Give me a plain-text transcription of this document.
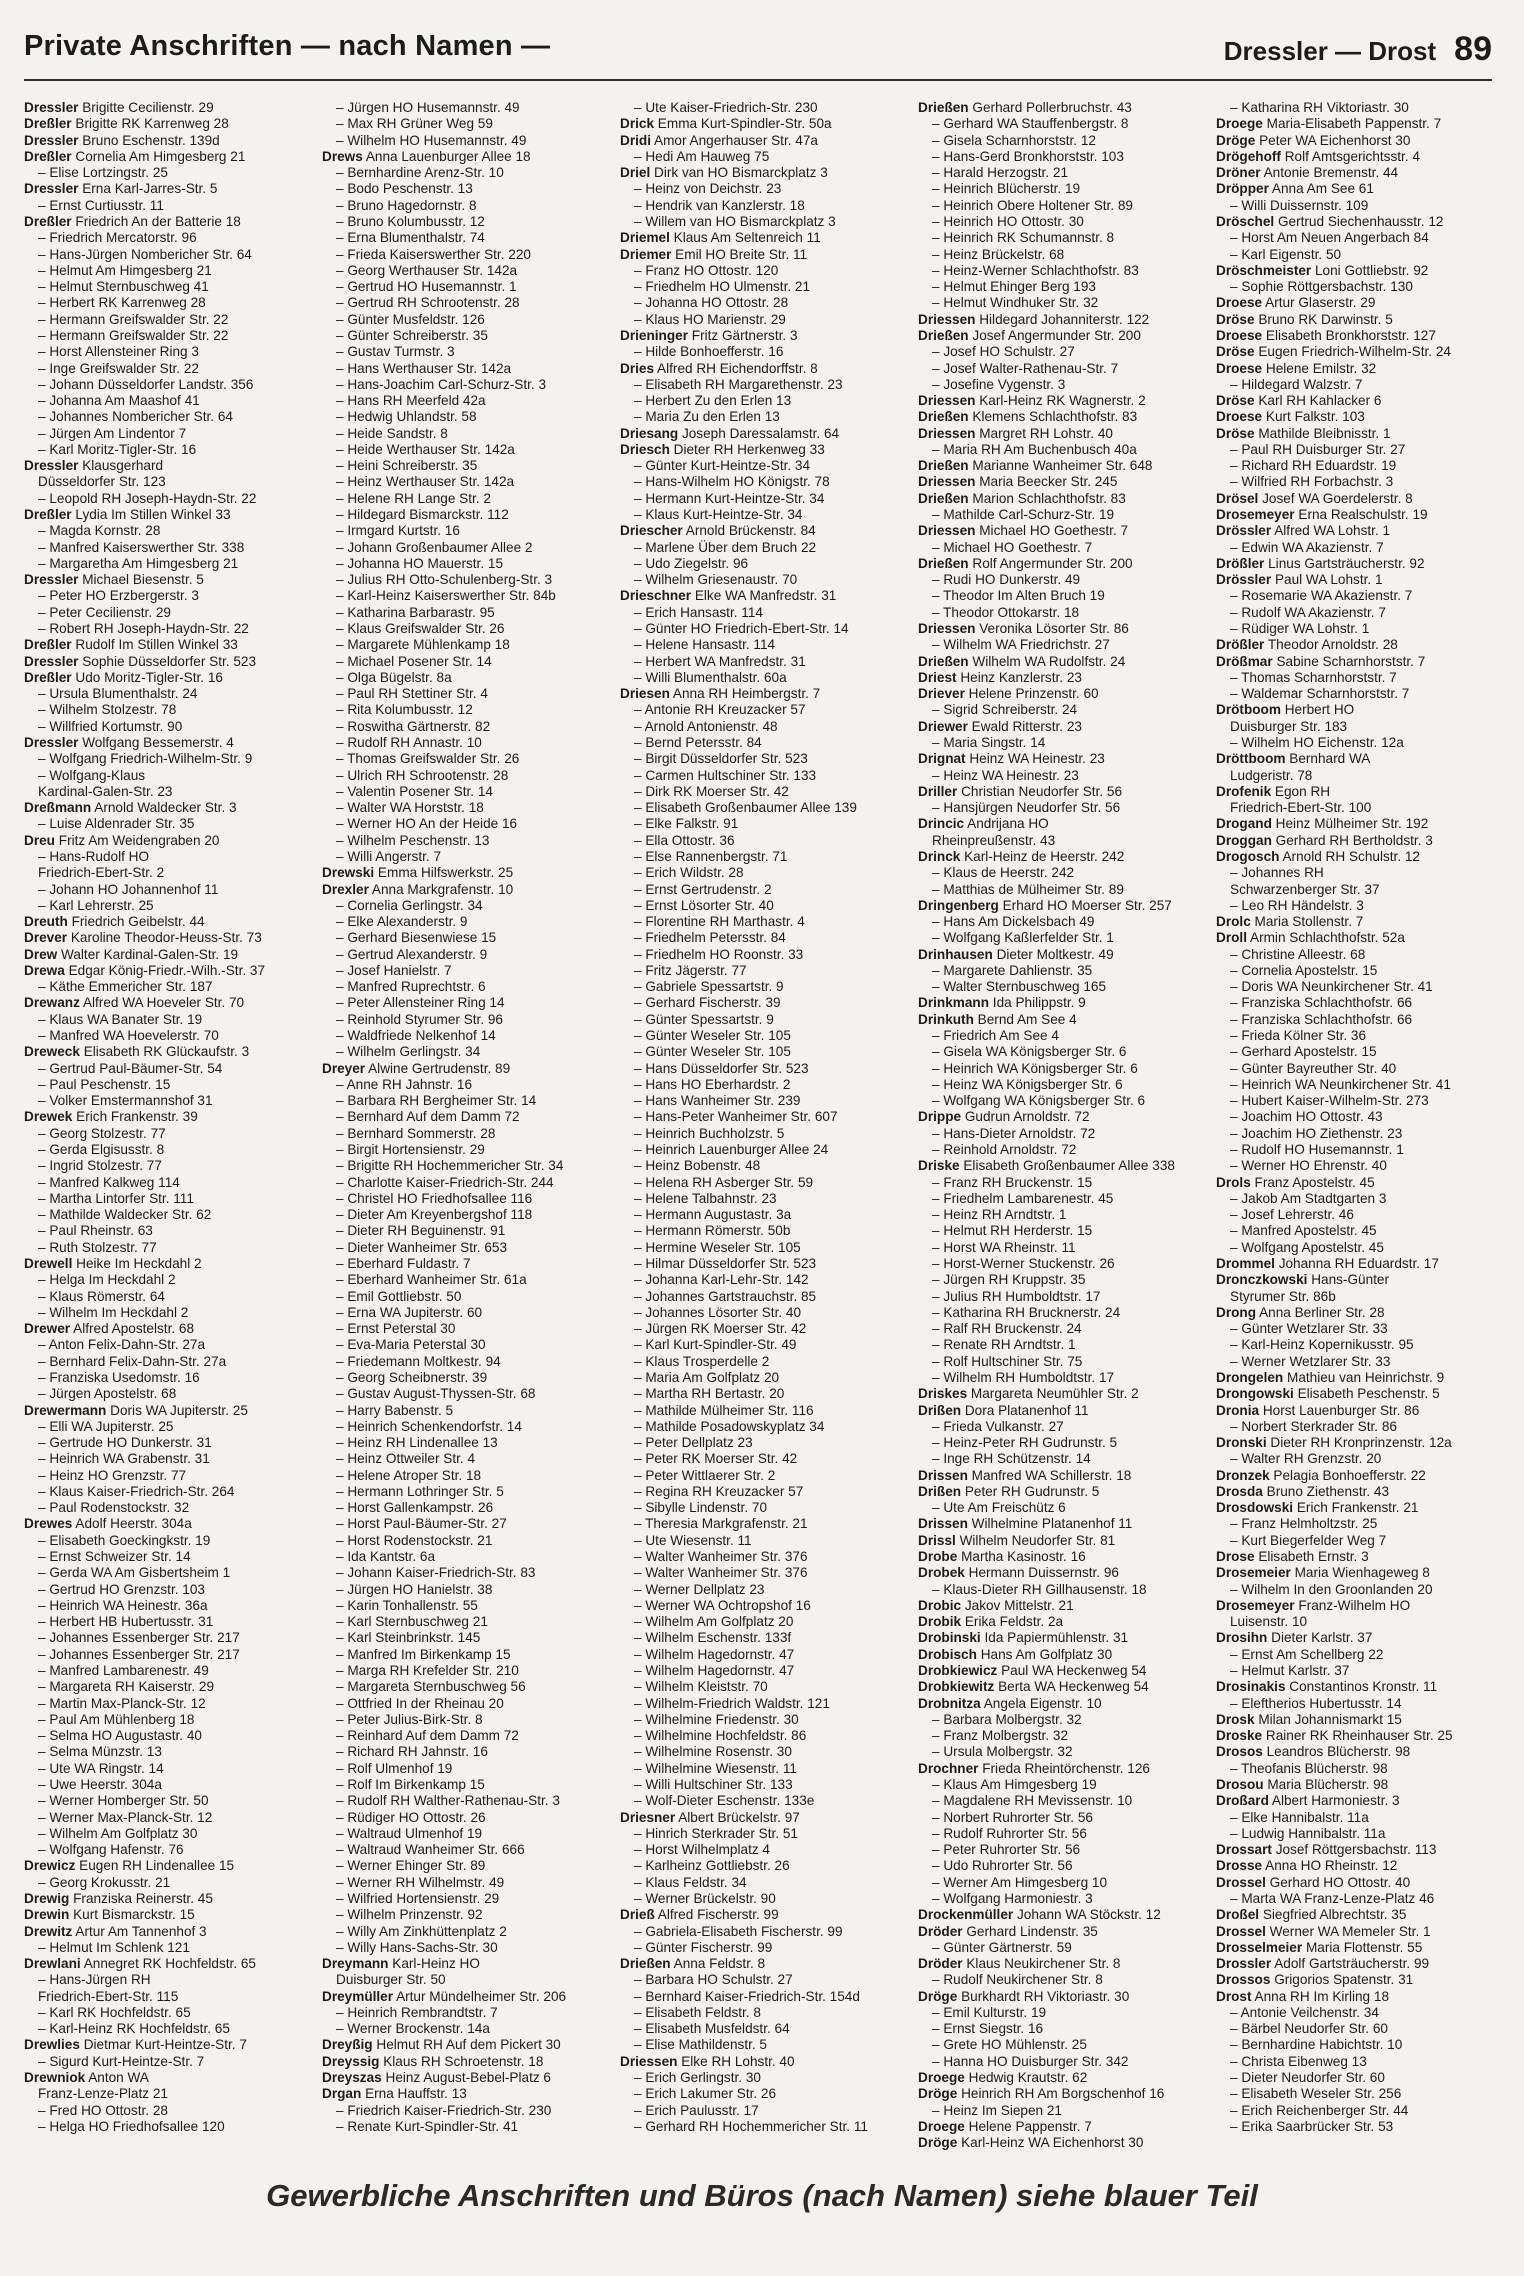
Private Anschriften — nach Namen —	Dressler — Drost 89
Dressler Brigitte Cecilienstr. 29
Dreßler Brigitte RK Karrenweg 28
Dressler Bruno Eschenstr. 139d
Dreßler Cornelia Am Himgesberg 21
– Elise Lortzingstr. 25
Dressler Erna Karl-Jarres-Str. 5
– Ernst Curtiusstr. 11
Dreßler Friedrich An der Batterie 18
– Friedrich Mercatorstr. 96
– Hans-Jürgen Nombericher Str. 64
– Helmut Am Himgesberg 21
– Helmut Sternbuschweg 41
– Herbert RK Karrenweg 28
– Hermann Greifswalder Str. 22
– Hermann Greifswalder Str. 22
– Horst Allensteiner Ring 3
– Inge Greifswalder Str. 22
– Johann Düsseldorfer Landstr. 356
– Johanna Am Maashof 41
– Johannes Nombericher Str. 64
– Jürgen Am Lindentor 7
– Karl Moritz-Tigler-Str. 16
Dressler Klausgerhard
Düsseldorfer Str. 123
– Leopold RH Joseph-Haydn-Str. 22
Dreßler Lydia Im Stillen Winkel 33
– Magda Kornstr. 28
– Manfred Kaiserswerther Str. 338
– Margaretha Am Himgesberg 21
Dressler Michael Biesenstr. 5
– Peter HO Erzbergerstr. 3
– Peter Cecilienstr. 29
– Robert RH Joseph-Haydn-Str. 22
Dreßler Rudolf Im Stillen Winkel 33
Dressler Sophie Düsseldorfer Str. 523
Dreßler Udo Moritz-Tigler-Str. 16
– Ursula Blumenthalstr. 24
– Wilhelm Stolzestr. 78
– Willfried Kortumstr. 90
Dressler Wolfgang Bessemerstr. 4
– Wolfgang Friedrich-Wilhelm-Str. 9
– Wolfgang-Klaus
Kardinal-Galen-Str. 23
Dreßmann Arnold Waldecker Str. 3
– Luise Aldenrader Str. 35
Dreu Fritz Am Weidengraben 20
– Hans-Rudolf HO
Friedrich-Ebert-Str. 2
– Johann HO Johannenhof 11
– Karl Lehrerstr. 25
Dreuth Friedrich Geibelstr. 44
Drever Karoline Theodor-Heuss-Str. 73
Drew Walter Kardinal-Galen-Str. 19
Drewa Edgar König-Friedr.-Wilh.-Str. 37
– Käthe Emmericher Str. 187
Drewanz Alfred WA Hoeveler Str. 70
– Klaus WA Banater Str. 19
– Manfred WA Hoevelerstr. 70
Dreweck Elisabeth RK Glückaufstr. 3
– Gertrud Paul-Bäumer-Str. 54
– Paul Peschenstr. 15
– Volker Emstermannshof 31
Drewek Erich Frankenstr. 39
– Georg Stolzestr. 77
– Gerda Elgisusstr. 8
– Ingrid Stolzestr. 77
– Manfred Kalkweg 114
– Martha Lintorfer Str. 111
– Mathilde Waldecker Str. 62
– Paul Rheinstr. 63
– Ruth Stolzestr. 77
Drewell Heike Im Heckdahl 2
– Helga Im Heckdahl 2
– Klaus Römerstr. 64
– Wilhelm Im Heckdahl 2
Drewer Alfred Apostelstr. 68
– Anton Felix-Dahn-Str. 27a
– Bernhard Felix-Dahn-Str. 27a
– Franziska Usedomstr. 16
– Jürgen Apostelstr. 68
Drewermann Doris WA Jupiterstr. 25
– Elli WA Jupiterstr. 25
– Gertrude HO Dunkerstr. 31
– Heinrich WA Grabenstr. 31
– Heinz HO Grenzstr. 77
– Klaus Kaiser-Friedrich-Str. 264
– Paul Rodenstockstr. 32
Drewes Adolf Heerstr. 304a
– Elisabeth Goeckingkstr. 19
– Ernst Schweizer Str. 14
– Gerda WA Am Gisbertsheim 1
– Gertrud HO Grenzstr. 103
– Heinrich WA Heinestr. 36a
– Herbert HB Hubertusstr. 31
– Johannes Essenberger Str. 217
– Johannes Essenberger Str. 217
– Manfred Lambarenestr. 49
– Margareta RH Kaiserstr. 29
– Martin Max-Planck-Str. 12
– Paul Am Mühlenberg 18
– Selma HO Augustastr. 40
– Selma Münzstr. 13
– Ute WA Ringstr. 14
– Uwe Heerstr. 304a
– Werner Homberger Str. 50
– Werner Max-Planck-Str. 12
– Wilhelm Am Golfplatz 30
– Wolfgang Hafenstr. 76
Drewicz Eugen RH Lindenallee 15
– Georg Krokusstr. 21
Drewig Franziska Reinerstr. 45
Drewin Kurt Bismarckstr. 15
Drewitz Artur Am Tannenhof 3
– Helmut Im Schlenk 121
Drewlani Annegret RK Hochfeldstr. 65
– Hans-Jürgen RH
Friedrich-Ebert-Str. 115
– Karl RK Hochfeldstr. 65
– Karl-Heinz RK Hochfeldstr. 65
Drewlies Dietmar Kurt-Heintze-Str. 7
– Sigurd Kurt-Heintze-Str. 7
Drewniok Anton WA
Franz-Lenze-Platz 21
– Fred HO Ottostr. 28
– Helga HO Friedhofsallee 120
– Jürgen HO Husemannstr. 49
– Max RH Grüner Weg 59
– Wilhelm HO Husemannstr. 49
Drews Anna Lauenburger Allee 18
– Bernhardine Arenz-Str. 10
– Bodo Peschenstr. 13
– Bruno Hagedornstr. 8
– Bruno Kolumbusstr. 12
– Erna Blumenthalstr. 74
– Frieda Kaiserswerther Str. 220
– Georg Werthauser Str. 142a
– Gertrud HO Husemannstr. 1
– Gertrud RH Schrootenstr. 28
– Günter Musfeldstr. 126
– Günter Schreiberstr. 35
– Gustav Turmstr. 3
– Hans Werthauser Str. 142a
– Hans-Joachim Carl-Schurz-Str. 3
– Hans RH Meerfeld 42a
– Hedwig Uhlandstr. 58
– Heide Sandstr. 8
– Heide Werthauser Str. 142a
– Heini Schreiberstr. 35
– Heinz Werthauser Str. 142a
– Helene RH Lange Str. 2
– Hildegard Bismarckstr. 112
– Irmgard Kurtstr. 16
– Johann Großenbaumer Allee 2
– Johanna HO Mauerstr. 15
– Julius RH Otto-Schulenberg-Str. 3
– Karl-Heinz Kaiserswerther Str. 84b
– Katharina Barbarastr. 95
– Klaus Greifswalder Str. 26
– Margarete Mühlenkamp 18
– Michael Posener Str. 14
– Olga Bügelstr. 8a
– Paul RH Stettiner Str. 4
– Rita Kolumbusstr. 12
– Roswitha Gärtnerstr. 82
– Rudolf RH Annastr. 10
– Thomas Greifswalder Str. 26
– Ulrich RH Schrootenstr. 28
– Valentin Posener Str. 14
– Walter WA Horststr. 18
– Werner HO An der Heide 16
– Wilhelm Peschenstr. 13
– Willi Angerstr. 7
Drewski Emma Hilfswerkstr. 25
Drexler Anna Markgrafenstr. 10
– Cornelia Gerlingstr. 34
– Elke Alexanderstr. 9
– Gerhard Biesenwiese 15
– Gertrud Alexanderstr. 9
– Josef Hanielstr. 7
– Manfred Ruprechtstr. 6
– Peter Allensteiner Ring 14
– Reinhold Styrumer Str. 96
– Waldfriede Nelkenhof 14
– Wilhelm Gerlingstr. 34
Dreyer Alwine Gertrudenstr. 89
– Anne RH Jahnstr. 16
– Barbara RH Bergheimer Str. 14
– Bernhard Auf dem Damm 72
– Bernhard Sommerstr. 28
– Birgit Hortensienstr. 29
– Brigitte RH Hochemmericher Str. 34
– Charlotte Kaiser-Friedrich-Str. 244
– Christel HO Friedhofsallee 116
– Dieter Am Kreyenbergshof 118
– Dieter RH Beguinenstr. 91
– Dieter Wanheimer Str. 653
– Eberhard Fuldastr. 7
– Eberhard Wanheimer Str. 61a
– Emil Gottliebstr. 50
– Erna WA Jupiterstr. 60
– Ernst Peterstal 30
– Eva-Maria Peterstal 30
– Friedemann Moltkestr. 94
– Georg Scheibnerstr. 39
– Gustav August-Thyssen-Str. 68
– Harry Babenstr. 5
– Heinrich Schenkendorfstr. 14
– Heinz RH Lindenallee 13
– Heinz Ottweiler Str. 4
– Helene Atroper Str. 18
– Hermann Lothringer Str. 5
– Horst Gallenkampstr. 26
– Horst Paul-Bäumer-Str. 27
– Horst Rodenstockstr. 21
– Ida Kantstr. 6a
– Johann Kaiser-Friedrich-Str. 83
– Jürgen HO Hanielstr. 38
– Karin Tonhallenstr. 55
– Karl Sternbuschweg 21
– Karl Steinbrinkstr. 145
– Manfred Im Birkenkamp 15
– Marga RH Krefelder Str. 210
– Margareta Sternbuschweg 56
– Ottfried In der Rheinau 20
– Peter Julius-Birk-Str. 8
– Reinhard Auf dem Damm 72
– Richard RH Jahnstr. 16
– Rolf Ulmenhof 19
– Rolf Im Birkenkamp 15
– Rudolf RH Walther-Rathenau-Str. 3
– Rüdiger HO Ottostr. 26
– Waltraud Ulmenhof 19
– Waltraud Wanheimer Str. 666
– Werner Ehinger Str. 89
– Werner RH Wilhelmstr. 49
– Wilfried Hortensienstr. 29
– Wilhelm Prinzenstr. 92
– Willy Am Zinkhüttenplatz 2
– Willy Hans-Sachs-Str. 30
Dreymann Karl-Heinz HO
Duisburger Str. 50
Dreymüller Artur Mündelheimer Str. 206
– Heinrich Rembrandtstr. 7
– Werner Brockenstr. 14a
Dreyßig Helmut RH Auf dem Pickert 30
Dreyssig Klaus RH Schroetenstr. 18
Dreyszas Heinz August-Bebel-Platz 6
Drgan Erna Hauffstr. 13
– Friedrich Kaiser-Friedrich-Str. 230
– Renate Kurt-Spindler-Str. 41
– Ute Kaiser-Friedrich-Str. 230
Drick Emma Kurt-Spindler-Str. 50a
Dridi Amor Angerhauser Str. 47a
– Hedi Am Hauweg 75
Driel Dirk van HO Bismarckplatz 3
– Heinz von Deichstr. 23
– Hendrik van Kanzlerstr. 18
– Willem van HO Bismarckplatz 3
Driemel Klaus Am Seltenreich 11
Driemer Emil HO Breite Str. 11
– Franz HO Ottostr. 120
– Friedhelm HO Ulmenstr. 21
– Johanna HO Ottostr. 28
– Klaus HO Marienstr. 29
Drieninger Fritz Gärtnerstr. 3
– Hilde Bonhoefferstr. 16
Dries Alfred RH Eichendorffstr. 8
– Elisabeth RH Margarethenstr. 23
– Herbert Zu den Erlen 13
– Maria Zu den Erlen 13
Driesang Joseph Daressalamstr. 64
Driesch Dieter RH Herkenweg 33
– Günter Kurt-Heintze-Str. 34
– Hans-Wilhelm HO Königstr. 78
– Hermann Kurt-Heintze-Str. 34
– Klaus Kurt-Heintze-Str. 34
Driescher Arnold Brückenstr. 84
– Marlene Über dem Bruch 22
– Udo Ziegelstr. 96
– Wilhelm Griesenaustr. 70
Drieschner Elke WA Manfredstr. 31
– Erich Hansastr. 114
– Günter HO Friedrich-Ebert-Str. 14
– Helene Hansastr. 114
– Herbert WA Manfredstr. 31
– Willi Blumenthalstr. 60a
Driesen Anna RH Heimbergstr. 7
– Antonie RH Kreuzacker 57
– Arnold Antonienstr. 48
– Bernd Petersstr. 84
– Birgit Düsseldorfer Str. 523
– Carmen Hultschiner Str. 133
– Dirk RK Moerser Str. 42
– Elisabeth Großenbaumer Allee 139
– Elke Falkstr. 91
– Ella Ottostr. 36
– Else Rannenbergstr. 71
– Erich Wildstr. 28
– Ernst Gertrudenstr. 2
– Ernst Lösorter Str. 40
– Florentine RH Marthastr. 4
– Friedhelm Petersstr. 84
– Friedhelm HO Roonstr. 33
– Fritz Jägerstr. 77
– Gabriele Spessartstr. 9
– Gerhard Fischerstr. 39
– Günter Spessartstr. 9
– Günter Weseler Str. 105
– Günter Weseler Str. 105
– Hans Düsseldorfer Str. 523
– Hans HO Eberhardstr. 2
– Hans Wanheimer Str. 239
– Hans-Peter Wanheimer Str. 607
– Heinrich Buchholzstr. 5
– Heinrich Lauenburger Allee 24
– Heinz Bobenstr. 48
– Helena RH Asberger Str. 59
– Helene Talbahnstr. 23
– Hermann Augustastr. 3a
– Hermann Römerstr. 50b
– Hermine Weseler Str. 105
– Hilmar Düsseldorfer Str. 523
– Johanna Karl-Lehr-Str. 142
– Johannes Gartstrauchstr. 85
– Johannes Lösorter Str. 40
– Jürgen RK Moerser Str. 42
– Karl Kurt-Spindler-Str. 49
– Klaus Trosperdelle 2
– Maria Am Golfplatz 20
– Martha RH Bertastr. 20
– Mathilde Mülheimer Str. 116
– Mathilde Posadowskyplatz 34
– Peter Dellplatz 23
– Peter RK Moerser Str. 42
– Peter Wittlaerer Str. 2
– Regina RH Kreuzacker 57
– Sibylle Lindenstr. 70
– Theresia Markgrafenstr. 21
– Ute Wiesenstr. 11
– Walter Wanheimer Str. 376
– Walter Wanheimer Str. 376
– Werner Dellplatz 23
– Werner WA Ochtropshof 16
– Wilhelm Am Golfplatz 20
– Wilhelm Eschenstr. 133f
– Wilhelm Hagedornstr. 47
– Wilhelm Hagedornstr. 47
– Wilhelm Kleiststr. 70
– Wilhelm-Friedrich Waldstr. 121
– Wilhelmine Friedenstr. 30
– Wilhelmine Hochfeldstr. 86
– Wilhelmine Rosenstr. 30
– Wilhelmine Wiesenstr. 11
– Willi Hultschiner Str. 133
– Wolf-Dieter Eschenstr. 133e
Driesner Albert Brückelstr. 97
– Hinrich Sterkrader Str. 51
– Horst Wilhelmplatz 4
– Karlheinz Gottliebstr. 26
– Klaus Feldstr. 34
– Werner Brückelstr. 90
Drieß Alfred Fischerstr. 99
– Gabriela-Elisabeth Fischerstr. 99
– Günter Fischerstr. 99
Drießen Anna Feldstr. 8
– Barbara HO Schulstr. 27
– Bernhard Kaiser-Friedrich-Str. 154d
– Elisabeth Feldstr. 8
– Elisabeth Musfeldstr. 64
– Elise Mathildenstr. 5
Driessen Elke RH Lohstr. 40
– Erich Gerlingstr. 30
– Erich Lakumer Str. 26
– Erich Paulusstr. 17
– Gerhard RH Hochemmericher Str. 11
Drießen Gerhard Pollerbruchstr. 43
– Gerhard WA Stauffenbergstr. 8
– Gisela Scharnhorststr. 12
– Hans-Gerd Bronkhorststr. 103
– Harald Herzogstr. 21
– Heinrich Blücherstr. 19
– Heinrich Obere Holtener Str. 89
– Heinrich HO Ottostr. 30
– Heinrich RK Schumannstr. 8
– Heinz Brückelstr. 68
– Heinz-Werner Schlachthofstr. 83
– Helmut Ehinger Berg 193
– Helmut Windhuker Str. 32
Driessen Hildegard Johanniterstr. 122
Drießen Josef Angermunder Str. 200
– Josef HO Schulstr. 27
– Josef Walter-Rathenau-Str. 7
– Josefine Vygenstr. 3
Driessen Karl-Heinz RK Wagnerstr. 2
Drießen Klemens Schlachthofstr. 83
Driessen Margret RH Lohstr. 40
– Maria RH Am Buchenbusch 40a
Drießen Marianne Wanheimer Str. 648
Driessen Maria Beecker Str. 245
Drießen Marion Schlachthofstr. 83
– Mathilde Carl-Schurz-Str. 19
Driessen Michael HO Goethestr. 7
– Michael HO Goethestr. 7
Drießen Rolf Angermunder Str. 200
– Rudi HO Dunkerstr. 49
– Theodor Im Alten Bruch 19
– Theodor Ottokarstr. 18
Driessen Veronika Lösorter Str. 86
– Wilhelm WA Friedrichstr. 27
Drießen Wilhelm WA Rudolfstr. 24
Driest Heinz Kanzlerstr. 23
Driever Helene Prinzenstr. 60
– Sigrid Schreiberstr. 24
Driewer Ewald Ritterstr. 23
– Maria Singstr. 14
Drignat Heinz WA Heinestr. 23
– Heinz WA Heinestr. 23
Driller Christian Neudorfer Str. 56
– Hansjürgen Neudorfer Str. 56
Drincic Andrijana HO
Rheinpreußenstr. 43
Drinck Karl-Heinz de Heerstr. 242
– Klaus de Heerstr. 242
– Matthias de Mülheimer Str. 89
Dringenberg Erhard HO Moerser Str. 257
– Hans Am Dickelsbach 49
– Wolfgang Kaßlerfelder Str. 1
Drinhausen Dieter Moltkestr. 49
– Margarete Dahlienstr. 35
– Walter Sternbuschweg 165
Drinkmann Ida Philippstr. 9
Drinkuth Bernd Am See 4
– Friedrich Am See 4
– Gisela WA Königsberger Str. 6
– Heinrich WA Königsberger Str. 6
– Heinz WA Königsberger Str. 6
– Wolfgang WA Königsberger Str. 6
Drippe Gudrun Arnoldstr. 72
– Hans-Dieter Arnoldstr. 72
– Reinhold Arnoldstr. 72
Driske Elisabeth Großenbaumer Allee 338
– Franz RH Bruckenstr. 15
– Friedhelm Lambarenestr. 45
– Heinz RH Arndtstr. 1
– Helmut RH Herderstr. 15
– Horst WA Rheinstr. 11
– Horst-Werner Stuckenstr. 26
– Jürgen RH Kruppstr. 35
– Julius RH Humboldtstr. 17
– Katharina RH Brucknerstr. 24
– Ralf RH Bruckenstr. 24
– Renate RH Arndtstr. 1
– Rolf Hultschiner Str. 75
– Wilhelm RH Humboldtstr. 17
Driskes Margareta Neumühler Str. 2
Drißen Dora Platanenhof 11
– Frieda Vulkanstr. 27
– Heinz-Peter RH Gudrunstr. 5
– Inge RH Schützenstr. 14
Drissen Manfred WA Schillerstr. 18
Drißen Peter RH Gudrunstr. 5
– Ute Am Freischütz 6
Drissen Wilhelmine Platanenhof 11
Drissl Wilhelm Neudorfer Str. 81
Drobe Martha Kasinostr. 16
Drobek Hermann Duissernstr. 96
– Klaus-Dieter RH Gillhausenstr. 18
Drobic Jakov Mittelstr. 21
Drobik Erika Feldstr. 2a
Drobinski Ida Papiermühlenstr. 31
Drobisch Hans Am Golfplatz 30
Drobkiewicz Paul WA Heckenweg 54
Drobkiewitz Berta WA Heckenweg 54
Drobnitza Angela Eigenstr. 10
– Barbara Molbergstr. 32
– Franz Molbergstr. 32
– Ursula Molbergstr. 32
Drochner Frieda Rheintörchenstr. 126
– Klaus Am Himgesberg 19
– Magdalene RH Mevissenstr. 10
– Norbert Ruhrorter Str. 56
– Rudolf Ruhrorter Str. 56
– Peter Ruhrorter Str. 56
– Udo Ruhrorter Str. 56
– Werner Am Himgesberg 10
– Wolfgang Harmoniestr. 3
Drockenmüller Johann WA Stöckstr. 12
Dröder Gerhard Lindenstr. 35
– Günter Gärtnerstr. 59
Dröder Klaus Neukirchener Str. 8
– Rudolf Neukirchener Str. 8
Dröge Burkhardt RH Viktoriastr. 30
– Emil Kulturstr. 19
– Ernst Siegstr. 16
– Grete HO Mühlenstr. 25
– Hanna HO Duisburger Str. 342
Droege Hedwig Krautstr. 62
Dröge Heinrich RH Am Borgschenhof 16
– Heinz Im Siepen 21
Droege Helene Pappenstr. 7
Dröge Karl-Heinz WA Eichenhorst 30
– Katharina RH Viktoriastr. 30
Droege Maria-Elisabeth Pappenstr. 7
Dröge Peter WA Eichenhorst 30
Drögehoff Rolf Amtsgerichtsstr. 4
Dröner Antonie Bremenstr. 44
Dröpper Anna Am See 61
– Willi Duissernstr. 109
Dröschel Gertrud Siechenhausstr. 12
– Horst Am Neuen Angerbach 84
– Karl Eigenstr. 50
Dröschmeister Loni Gottliebstr. 92
– Sophie Röttgersbachstr. 130
Droese Artur Glaserstr. 29
Dröse Bruno RK Darwinstr. 5
Droese Elisabeth Bronkhorststr. 127
Dröse Eugen Friedrich-Wilhelm-Str. 24
Droese Helene Emilstr. 32
– Hildegard Walzstr. 7
Dröse Karl RH Kahlacker 6
Droese Kurt Falkstr. 103
Dröse Mathilde Bleibnisstr. 1
– Paul RH Duisburger Str. 27
– Richard RH Eduardstr. 19
– Wilfried RH Forbachstr. 3
Drösel Josef WA Goerdelerstr. 8
Drosemeyer Erna Realschulstr. 19
Drössler Alfred WA Lohstr. 1
– Edwin WA Akazienstr. 7
Drößler Linus Gartsträucherstr. 92
Drössler Paul WA Lohstr. 1
– Rosemarie WA Akazienstr. 7
– Rudolf WA Akazienstr. 7
– Rüdiger WA Lohstr. 1
Drößler Theodor Arnoldstr. 28
Drößmar Sabine Scharnhorststr. 7
– Thomas Scharnhorststr. 7
– Waldemar Scharnhorststr. 7
Drötboom Herbert HO
Duisburger Str. 183
– Wilhelm HO Eichenstr. 12a
Dröttboom Bernhard WA
Ludgeristr. 78
Drofenik Egon RH
Friedrich-Ebert-Str. 100
Drogand Heinz Mülheimer Str. 192
Droggan Gerhard RH Bertholdstr. 3
Drogosch Arnold RH Schulstr. 12
– Johannes RH
Schwarzenberger Str. 37
– Leo RH Händelstr. 3
Drolc Maria Stollenstr. 7
Droll Armin Schlachthofstr. 52a
– Christine Alleestr. 68
– Cornelia Apostelstr. 15
– Doris WA Neunkirchener Str. 41
– Franziska Schlachthofstr. 66
– Franziska Schlachthofstr. 66
– Frieda Kölner Str. 36
– Gerhard Apostelstr. 15
– Günter Bayreuther Str. 40
– Heinrich WA Neunkirchener Str. 41
– Hubert Kaiser-Wilhelm-Str. 273
– Joachim HO Ottostr. 43
– Joachim HO Ziethenstr. 23
– Rudolf HO Husemannstr. 1
– Werner HO Ehrenstr. 40
Drols Franz Apostelstr. 45
– Jakob Am Stadtgarten 3
– Josef Lehrerstr. 46
– Manfred Apostelstr. 45
– Wolfgang Apostelstr. 45
Drommel Johanna RH Eduardstr. 17
Dronczkowski Hans-Günter
Styrumer Str. 86b
Drong Anna Berliner Str. 28
– Günter Wetzlarer Str. 33
– Karl-Heinz Kopernikusstr. 95
– Werner Wetzlarer Str. 33
Drongelen Mathieu van Heinrichstr. 9
Drongowski Elisabeth Peschenstr. 5
Dronia Horst Lauenburger Str. 86
– Norbert Sterkrader Str. 86
Dronski Dieter RH Kronprinzenstr. 12a
– Walter RH Grenzstr. 20
Dronzek Pelagia Bonhoefferstr. 22
Drosda Bruno Ziethenstr. 43
Drosdowski Erich Frankenstr. 21
– Franz Helmholtzstr. 25
– Kurt Biegerfelder Weg 7
Drose Elisabeth Ernstr. 3
Drosemeier Maria Wienhageweg 8
– Wilhelm In den Groonlanden 20
Drosemeyer Franz-Wilhelm HO
Luisenstr. 10
Drosihn Dieter Karlstr. 37
– Ernst Am Schellberg 22
– Helmut Karlstr. 37
Drosinakis Constantinos Kronstr. 11
– Eleftherios Hubertusstr. 14
Drosk Milan Johannismarkt 15
Droske Rainer RK Rheinhauser Str. 25
Drosos Leandros Blücherstr. 98
– Theofanis Blücherstr. 98
Drosou Maria Blücherstr. 98
Droßard Albert Harmoniestr. 3
– Elke Hannibalstr. 11a
– Ludwig Hannibalstr. 11a
Drossart Josef Röttgersbachstr. 113
Drosse Anna HO Rheinstr. 12
Drossel Gerhard HO Ottostr. 40
– Marta WA Franz-Lenze-Platz 46
Droßel Siegfried Albrechtstr. 35
Drossel Werner WA Memeler Str. 1
Drosselmeier Maria Flottenstr. 55
Drossler Adolf Gartsträucherstr. 99
Drossos Grigorios Spatenstr. 31
Drost Anna RH Im Kirling 18
– Antonie Veilchenstr. 34
– Bärbel Neudorfer Str. 60
– Bernhardine Habichtstr. 10
– Christa Eibenweg 13
– Dieter Neudorfer Str. 60
– Elisabeth Weseler Str. 256
– Erich Reichenberger Str. 44
– Erika Saarbrücker Str. 53
Gewerbliche Anschriften und Büros (nach Namen) siehe blauer Teil
